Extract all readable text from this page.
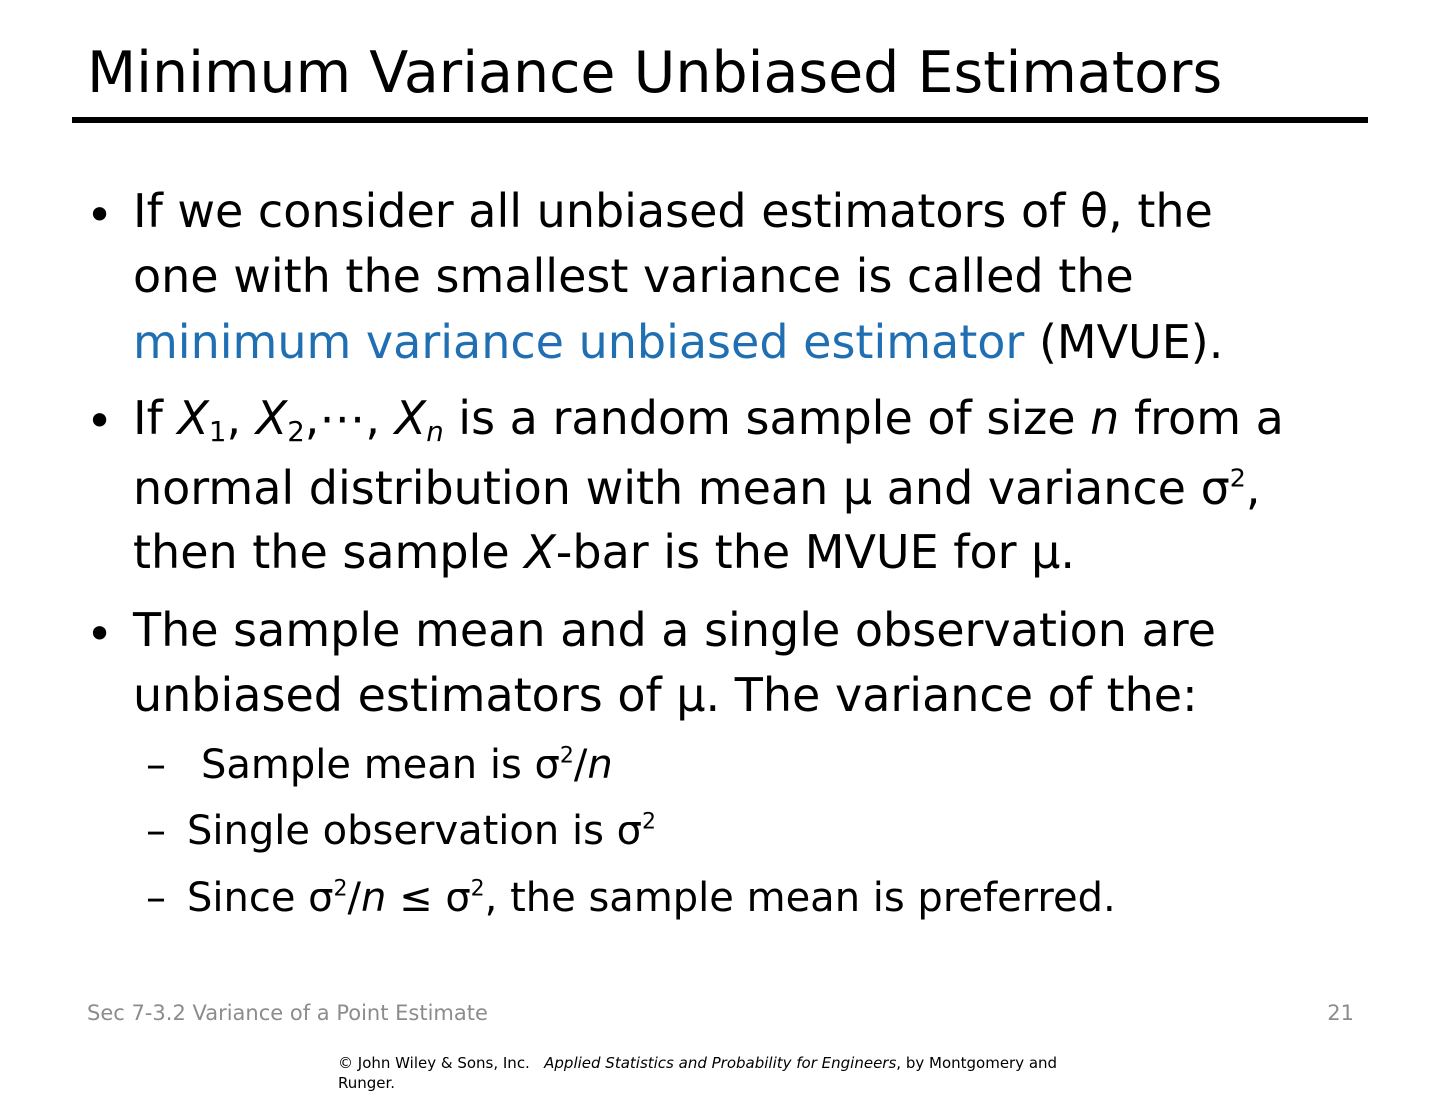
Minimum Variance Unbiased Estimators
• If we consider all unbiased estimators of θ, the
one with the smallest variance is called the
minimum variance unbiased estimator (MVUE).
• If $X_1$, $X_2,\cdots$, $X_n$ is a random sample of size n from a
normal distribution with mean μ and variance $\sigma^2$,
then the sample X-bar is the MVUE for μ.
• The sample mean and a single observation are
unbiased estimators of μ. The variance of the:
– Sample mean is $\sigma^2/n$
– Single observation is $\sigma^2$
– Since $\sigma^2/n \le \sigma^2$, the sample mean is preferred.
Sec 7-3.2 Variance of a Point Estimate	21
© John Wiley & Sons, Inc.   Applied Statistics and Probability for Engineers, by Montgomery and Runger.
